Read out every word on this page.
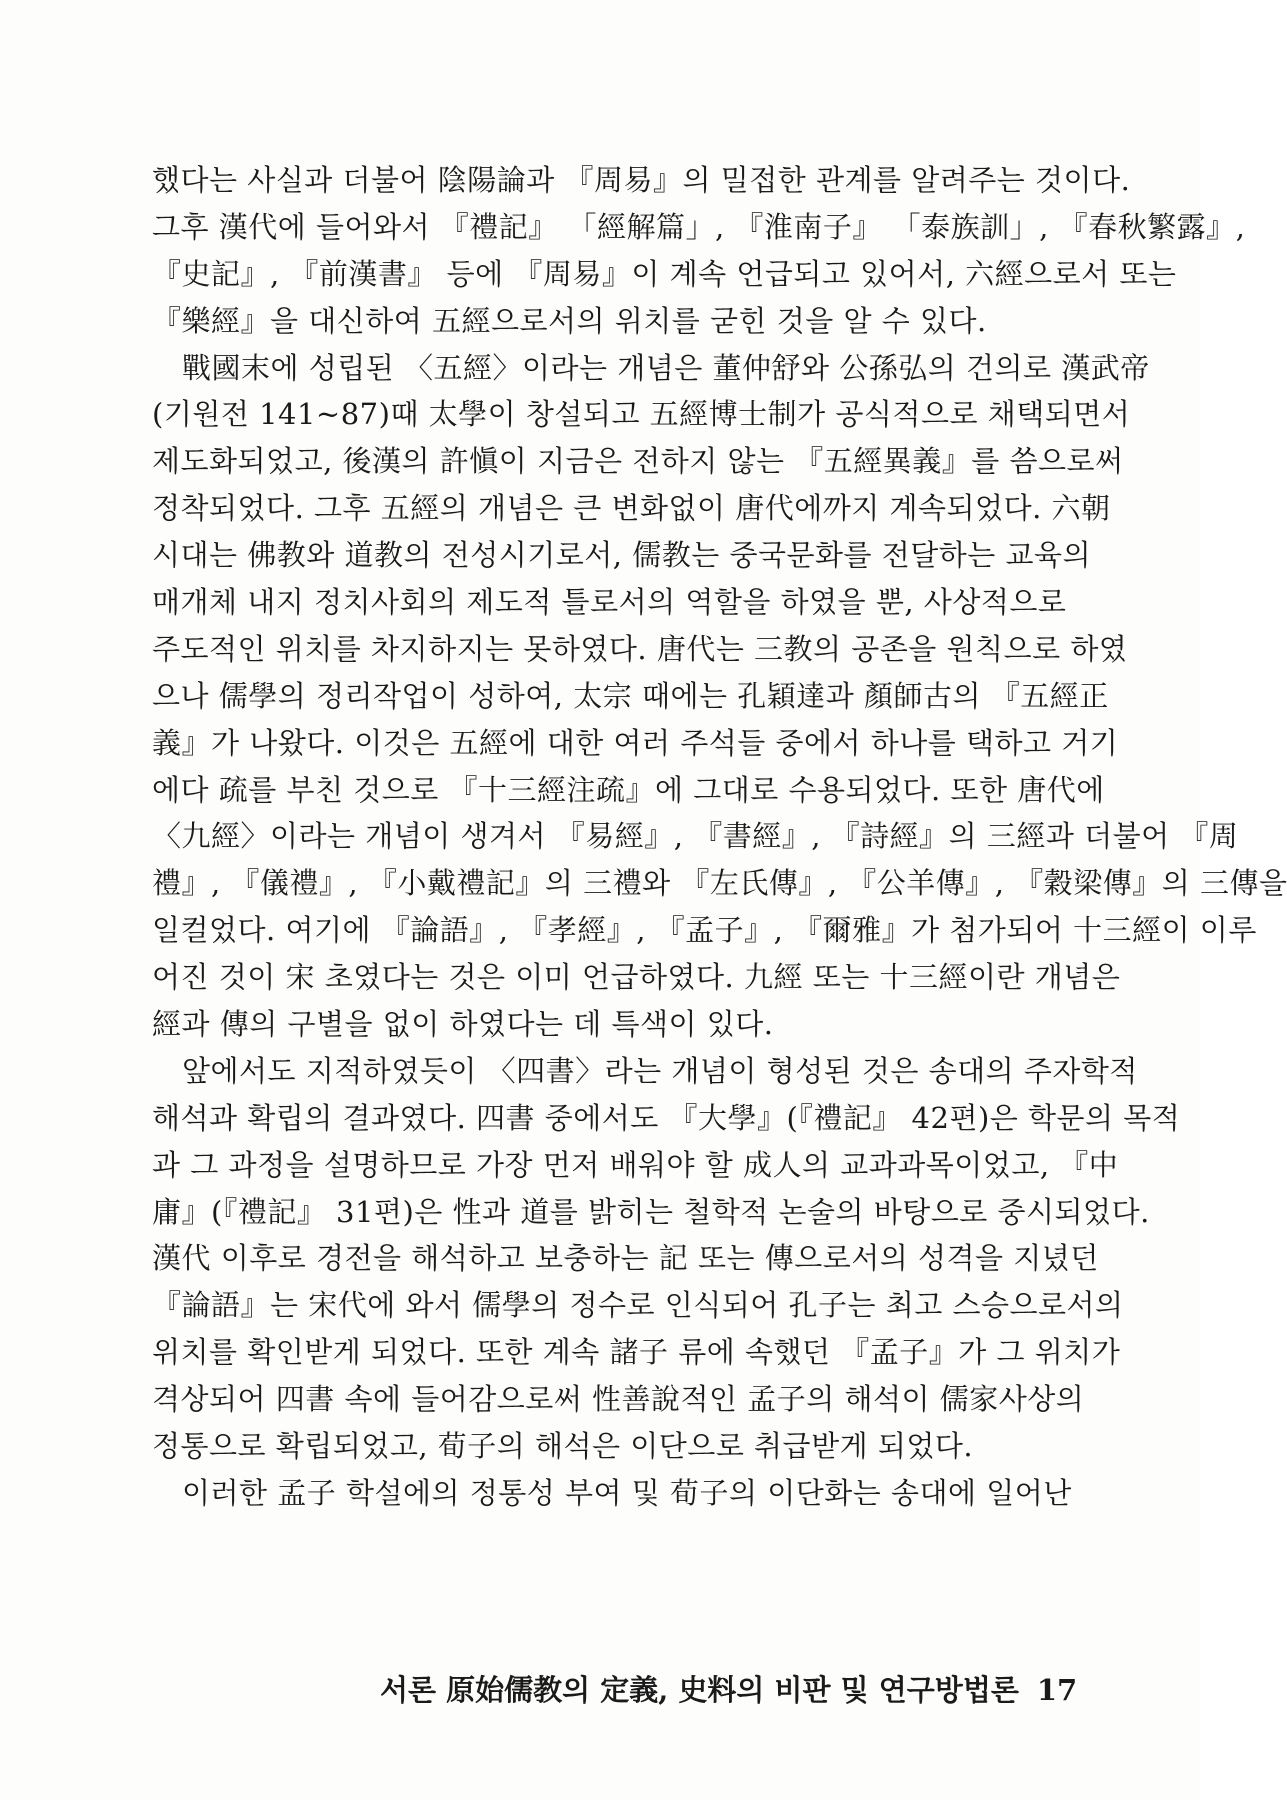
했다는 사실과 더불어 陰陽論과 『周易』의 밀접한 관계를 알려주는 것이다.
그후 漢代에 들어와서 『禮記』 「經解篇」, 『淮南子』 「泰族訓」, 『春秋繁露』,
『史記』, 『前漢書』 등에 『周易』이 계속 언급되고 있어서, 六經으로서 또는
『樂經』을 대신하여 五經으로서의 위치를 굳힌 것을 알 수 있다.
戰國末에 성립된 〈五經〉이라는 개념은 董仲舒와 公孫弘의 건의로 漢武帝
(기원전 141~87)때 太學이 창설되고 五經博士制가 공식적으로 채택되면서
제도화되었고, 後漢의 許愼이 지금은 전하지 않는 『五經異義』를 씀으로써
정착되었다. 그후 五經의 개념은 큰 변화없이 唐代에까지 계속되었다. 六朝
시대는 佛教와 道教의 전성시기로서, 儒教는 중국문화를 전달하는 교육의
매개체 내지 정치사회의 제도적 틀로서의 역할을 하였을 뿐, 사상적으로
주도적인 위치를 차지하지는 못하였다. 唐代는 三教의 공존을 원칙으로 하였
으나 儒學의 정리작업이 성하여, 太宗 때에는 孔穎達과 顏師古의 『五經正
義』가 나왔다. 이것은 五經에 대한 여러 주석들 중에서 하나를 택하고 거기
에다 疏를 부친 것으로 『十三經注疏』에 그대로 수용되었다. 또한 唐代에
〈九經〉이라는 개념이 생겨서 『易經』, 『書經』, 『詩經』의 三經과 더불어 『周
禮』, 『儀禮』, 『小戴禮記』의 三禮와 『左氏傳』, 『公羊傳』, 『穀梁傳』의 三傳을
일컬었다. 여기에 『論語』, 『孝經』, 『孟子』, 『爾雅』가 첨가되어 十三經이 이루
어진 것이 宋 초였다는 것은 이미 언급하였다. 九經 또는 十三經이란 개념은
經과 傳의 구별을 없이 하였다는 데 특색이 있다.
앞에서도 지적하였듯이 〈四書〉라는 개념이 형성된 것은 송대의 주자학적
해석과 확립의 결과였다. 四書 중에서도 『大學』(『禮記』 42편)은 학문의 목적
과 그 과정을 설명하므로 가장 먼저 배워야 할 成人의 교과과목이었고, 『中
庸』(『禮記』 31편)은 性과 道를 밝히는 철학적 논술의 바탕으로 중시되었다.
漢代 이후로 경전을 해석하고 보충하는 記 또는 傳으로서의 성격을 지녔던
『論語』는 宋代에 와서 儒學의 정수로 인식되어 孔子는 최고 스승으로서의
위치를 확인받게 되었다. 또한 계속 諸子 류에 속했던 『孟子』가 그 위치가
격상되어 四書 속에 들어감으로써 性善說적인 孟子의 해석이 儒家사상의
정통으로 확립되었고, 荀子의 해석은 이단으로 취급받게 되었다.
이러한 孟子 학설에의 정통성 부여 및 荀子의 이단화는 송대에 일어난
서론 原始儒教의 定義, 史料의 비판 및 연구방법론 17
